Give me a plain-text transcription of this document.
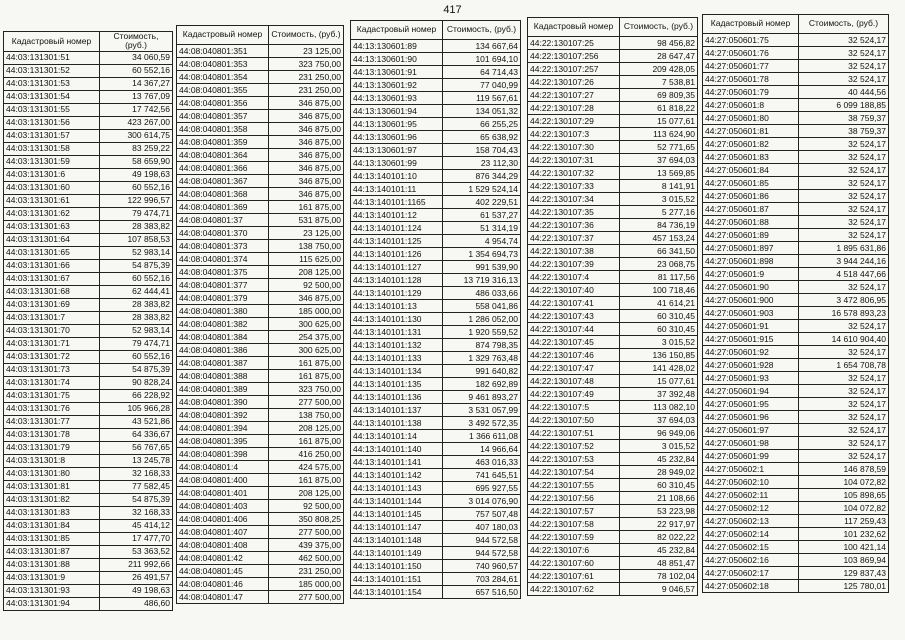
417
Кадастровый номер	Стоимость, (руб.)
44:03:131301:51	34 060,59
44:03:131301:52	60 552,16
44:03:131301:53	14 367,27
44:03:131301:54	13 767,09
44:03:131301:55	17 742,56
44:03:131301:56	423 267,00
44:03:131301:57	300 614,75
44:03:131301:58	83 259,22
44:03:131301:59	58 659,90
44:03:131301:6	49 198,63
44:03:131301:60	60 552,16
44:03:131301:61	122 996,57
44:03:131301:62	79 474,71
44:03:131301:63	28 383,82
44:03:131301:64	107 858,53
44:03:131301:65	52 983,14
44:03:131301:66	54 875,39
44:03:131301:67	60 552,16
44:03:131301:68	62 444,41
44:03:131301:69	28 383,82
44:03:131301:7	28 383,82
44:03:131301:70	52 983,14
44:03:131301:71	79 474,71
44:03:131301:72	60 552,16
44:03:131301:73	54 875,39
44:03:131301:74	90 828,24
44:03:131301:75	66 228,92
44:03:131301:76	105 966,28
44:03:131301:77	43 521,86
44:03:131301:78	64 336,67
44:03:131301:79	56 767,65
44:03:131301:8	13 245,78
44:03:131301:80	32 168,33
44:03:131301:81	77 582,45
44:03:131301:82	54 875,39
44:03:131301:83	32 168,33
44:03:131301:84	45 414,12
44:03:131301:85	17 477,70
44:03:131301:87	53 363,52
44:03:131301:88	211 992,66
44:03:131301:9	26 491,57
44:03:131301:93	49 198,63
44:03:131301:94	486,60
Кадастровый номер	Стоимость, (руб.)
44:08:040801:351	23 125,00
44:08:040801:353	323 750,00
44:08:040801:354	231 250,00
44:08:040801:355	231 250,00
44:08:040801:356	346 875,00
44:08:040801:357	346 875,00
44:08:040801:358	346 875,00
44:08:040801:359	346 875,00
44:08:040801:364	346 875,00
44:08:040801:366	346 875,00
44:08:040801:367	346 875,00
44:08:040801:368	346 875,00
44:08:040801:369	161 875,00
44:08:040801:37	531 875,00
44:08:040801:370	23 125,00
44:08:040801:373	138 750,00
44:08:040801:374	115 625,00
44:08:040801:375	208 125,00
44:08:040801:377	92 500,00
44:08:040801:379	346 875,00
44:08:040801:380	185 000,00
44:08:040801:382	300 625,00
44:08:040801:384	254 375,00
44:08:040801:386	300 625,00
44:08:040801:387	161 875,00
44:08:040801:388	161 875,00
44:08:040801:389	323 750,00
44:08:040801:390	277 500,00
44:08:040801:392	138 750,00
44:08:040801:394	208 125,00
44:08:040801:395	161 875,00
44:08:040801:398	416 250,00
44:08:040801:4	424 575,00
44:08:040801:400	161 875,00
44:08:040801:401	208 125,00
44:08:040801:403	92 500,00
44:08:040801:406	350 808,25
44:08:040801:407	277 500,00
44:08:040801:408	439 375,00
44:08:040801:42	462 500,00
44:08:040801:45	231 250,00
44:08:040801:46	185 000,00
44:08:040801:47	277 500,00
Кадастровый номер	Стоимость, (руб.)
44:13:130601:89	134 667,64
44:13:130601:90	101 694,10
44:13:130601:91	64 714,43
44:13:130601:92	77 040,99
44:13:130601:93	119 567,61
44:13:130601:94	134 051,32
44:13:130601:95	66 255,25
44:13:130601:96	65 638,92
44:13:130601:97	158 704,43
44:13:130601:99	23 112,30
44:13:140101:10	876 344,29
44:13:140101:11	1 529 524,14
44:13:140101:1165	402 229,51
44:13:140101:12	61 537,27
44:13:140101:124	51 314,19
44:13:140101:125	4 954,74
44:13:140101:126	1 354 694,73
44:13:140101:127	991 539,90
44:13:140101:128	13 719 316,13
44:13:140101:129	486 033,66
44:13:140101:13	558 041,86
44:13:140101:130	1 286 052,00
44:13:140101:131	1 920 559,52
44:13:140101:132	874 798,35
44:13:140101:133	1 329 763,48
44:13:140101:134	991 640,82
44:13:140101:135	182 692,89
44:13:140101:136	9 461 893,27
44:13:140101:137	3 531 057,99
44:13:140101:138	3 492 572,35
44:13:140101:14	1 366 611,08
44:13:140101:140	14 966,64
44:13:140101:141	463 016,33
44:13:140101:142	741 645,51
44:13:140101:143	695 927,55
44:13:140101:144	3 014 076,90
44:13:140101:145	757 507,48
44:13:140101:147	407 180,03
44:13:140101:148	944 572,58
44:13:140101:149	944 572,58
44:13:140101:150	740 960,57
44:13:140101:151	703 284,61
44:13:140101:154	657 516,50
Кадастровый номер	Стоимость, (руб.)
44:22:130107:25	98 456,82
44:22:130107:256	28 647,47
44:22:130107:257	209 428,05
44:22:130107:26	7 538,81
44:22:130107:27	69 809,35
44:22:130107:28	61 818,22
44:22:130107:29	15 077,61
44:22:130107:3	113 624,90
44:22:130107:30	52 771,65
44:22:130107:31	37 694,03
44:22:130107:32	13 569,85
44:22:130107:33	8 141,91
44:22:130107:34	3 015,52
44:22:130107:35	5 277,16
44:22:130107:36	84 736,19
44:22:130107:37	457 153,24
44:22:130107:38	66 341,50
44:22:130107:39	23 068,75
44:22:130107:4	81 117,56
44:22:130107:40	100 718,46
44:22:130107:41	41 614,21
44:22:130107:43	60 310,45
44:22:130107:44	60 310,45
44:22:130107:45	3 015,52
44:22:130107:46	136 150,85
44:22:130107:47	141 428,02
44:22:130107:48	15 077,61
44:22:130107:49	37 392,48
44:22:130107:5	113 082,10
44:22:130107:50	37 694,03
44:22:130107:51	96 949,06
44:22:130107:52	3 015,52
44:22:130107:53	45 232,84
44:22:130107:54	28 949,02
44:22:130107:55	60 310,45
44:22:130107:56	21 108,66
44:22:130107:57	53 223,98
44:22:130107:58	22 917,97
44:22:130107:59	82 022,22
44:22:130107:6	45 232,84
44:22:130107:60	48 851,47
44:22:130107:61	78 102,04
44:22:130107:62	9 046,57
Кадастровый номер	Стоимость, (руб.)
44:27:050601:75	32 524,17
44:27:050601:76	32 524,17
44:27:050601:77	32 524,17
44:27:050601:78	32 524,17
44:27:050601:79	40 444,56
44:27:050601:8	6 099 188,85
44:27:050601:80	38 759,37
44:27:050601:81	38 759,37
44:27:050601:82	32 524,17
44:27:050601:83	32 524,17
44:27:050601:84	32 524,17
44:27:050601:85	32 524,17
44:27:050601:86	32 524,17
44:27:050601:87	32 524,17
44:27:050601:88	32 524,17
44:27:050601:89	32 524,17
44:27:050601:897	1 895 631,86
44:27:050601:898	3 944 244,16
44:27:050601:9	4 518 447,66
44:27:050601:90	32 524,17
44:27:050601:900	3 472 806,95
44:27:050601:903	16 578 893,23
44:27:050601:91	32 524,17
44:27:050601:915	14 610 904,40
44:27:050601:92	32 524,17
44:27:050601:928	1 654 708,78
44:27:050601:93	32 524,17
44:27:050601:94	32 524,17
44:27:050601:95	32 524,17
44:27:050601:96	32 524,17
44:27:050601:97	32 524,17
44:27:050601:98	32 524,17
44:27:050601:99	32 524,17
44:27:050602:1	146 878,59
44:27:050602:10	104 072,82
44:27:050602:11	105 898,65
44:27:050602:12	104 072,82
44:27:050602:13	117 259,43
44:27:050602:14	101 232,62
44:27:050602:15	100 421,14
44:27:050602:16	103 869,94
44:27:050602:17	129 837,43
44:27:050602:18	125 780,01
